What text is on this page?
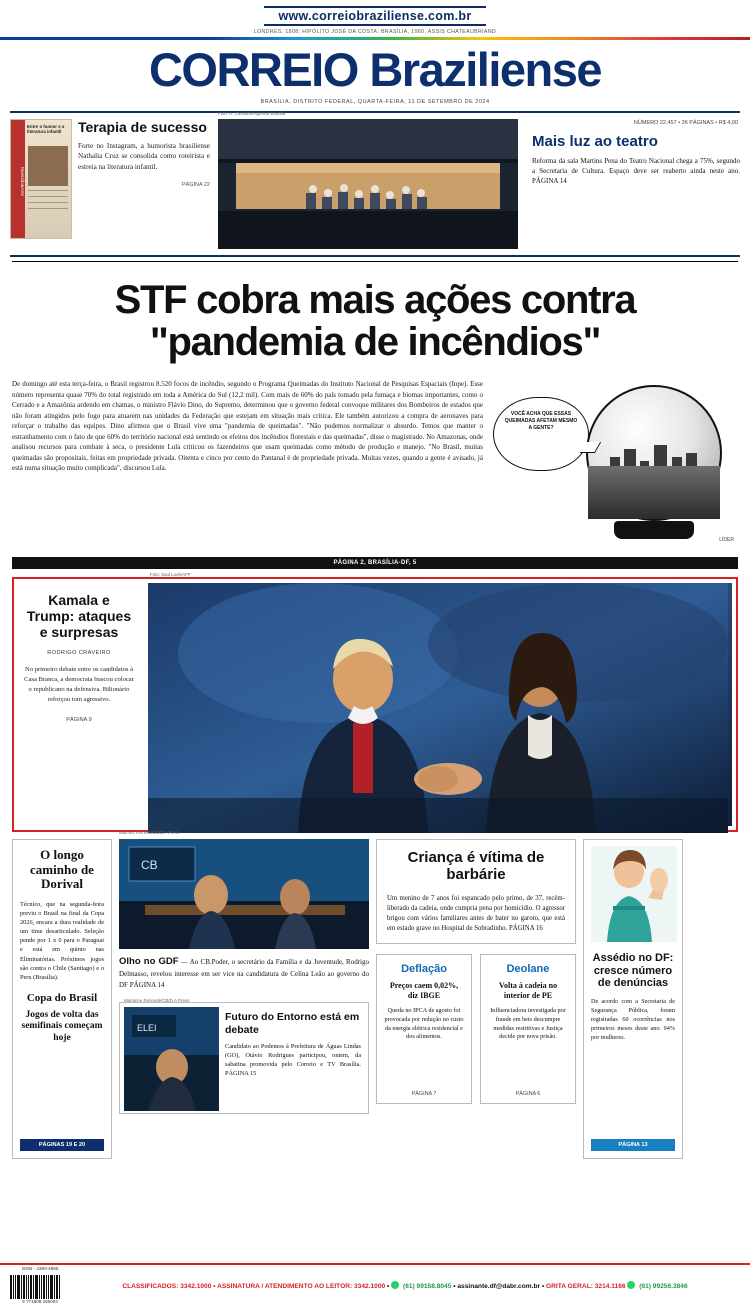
www.correiobraziliense.com.br
LONDRES, 1808; HIPÓLITO JOSÉ DA COSTA; BRASÍLIA, 1960, ASSIS CHATEAUBRIAND
CORREIO Braziliense
BRASÍLIA, DISTRITO FEDERAL, QUARTA-FEIRA, 11 DE SETEMBRO DE 2024
NÚMERO 22.457 • 36 PÁGINAS • R$ 4,00
Diversão&Arte
Entre o humor e a literatura infantil	Terapia de sucesso

Forte no Instagram, a humorista brasiliense Nathalia Cruz se consolida como roteirista e estreia na literatura infantil.

PÁGINA 22
Foto: H. Carvalho/Agência Brasília
Mais luz ao teatro

Reforma da sala Martins Pena do Teatro Nacional chega a 75%, segundo a Secretaria de Cultura. Espaço deve ser reaberto ainda neste ano. PÁGINA 14

STF cobra mais ações contra
"pandemia de incêndios"
De domingo até esta terça-feira, o Brasil registrou 8.520 focos de incêndio, segundo o Programa Queimadas do Instituto Nacional de Pesquisas Espaciais (Inpe). Esse número representa quase 70% do total registrado em toda a América do Sul (12,2 mil). Com mais de 60% do país tomado pela fumaça e biomas importantes, como o Cerrado e a Amazônia ardendo em chamas, o ministro Flávio Dino, do Supremo, determinou que o governo federal convoque militares dos Bombeiros de estados que não foram atingidos pelo fogo para atuarem nas unidades da Federação que estejam em situação mais crítica. Ele também autorizou a compra de aeronaves para reforçar o trabalho das equipes. Dino afirmou que o Brasil vive uma "pandemia de queimadas". "Não podemos normalizar o absurdo. Temos que manter o estranhamento com o fato de que 60% do território nacional está sentindo os efeitos dos incêndios florestais e das queimadas", disse o magistrado. No Amazonas, onde analisou recursos para combate à seca, o presidente Lula criticou os fazendeiros que usam queimadas como método de produção e manejo. "No Brasil, muitas queimadas são propositais, feitas em propriedade privada. Oitenta e cinco por cento do Pantanal é de propriedade privada. Muitas vezes, quando a gente é avisado, já está numa situação muito complicada", discursou Lula.
VOCÊ ACHA QUE ESSAS QUEIMADAS AFETAM MESMO A GENTE?
LÍDER
PÁGINA 2, BRASÍLIA-DF, 5
Kamala e Trump: ataques e surpresas
RODRIGO CRAVEIRO

No primeiro debate entre os candidatos à Casa Branca, a democrata buscou colocar o republicano na defensiva. Bilionário reforçou tom agressivo.

PÁGINA 9
Foto: Saul Loeb/AFP
O longo caminho de Dorival

Técnico, que na segunda-feira previu o Brasil na final da Copa 2026, encara a dura realidade de um time desarticulado. Seleção pende por 1 x 0 para o Paraguai e está em quinto nas Eliminatórias. Próximos jogos são contra o Chile (Santiago) e o Peru (Brasília).

Copa do Brasil
Jogos de volta das semifinais começam hoje
PÁGINAS 19 E 20
Marcelo Ferreira/CB/D.A Press
CB
Olho no GDF — Ao CB.Poder, o secretário da Família e da Juventude, Rodrigo Delmasso, revelou interesse em ser vice na candidatura de Celina Leão ao governo do DF PÁGINA 14
Marianne Rezende/CB/D.A Press
ELEI
Futuro do Entorno está em debate

Candidato ao Podemos à Prefeitura de Águas Lindas (GO), Otávio Rodrigues participou, ontem, da sabatina promovida pelo Correio e TV Brasília. PÁGINA 15

Criança é vítima de barbárie

Um menino de 7 anos foi espancado pelo primo, de 37, recém-liberado da cadeia, onde cumpria pena por homicídio. O agressor brigou com vários familiares antes de bater no garoto, que está em estado grave no Hospital de Sobradinho. PÁGINA 16

Deflação
Preços caem 0,02%, diz IBGE

Queda no IPCA de agosto foi provocada por redução no custo da energia elétrica residencial e dos alimentos.

PÁGINA 7
Deolane
Volta à cadeia no interior de PE

Influenciadora investigada por fraude em bets descumpre medidas restritivas e Justiça decide por nova prisão.

PÁGINA 6
Assédio no DF: cresce número de denúncias

De acordo com a Secretaria de Segurança Pública, foram registradas 60 ocorrências nos primeiros meses deste ano. 94% por mulheres.

PÁGINA 13
ISSN - 4380-4885
9 771808 266004
CLASSIFICADOS: 3342.1000 • ASSINATURA / ATENDIMENTO AO LEITOR: 3342.1000 •  (61) 99158.8045 • assinante.df@dabr.com.br • GRITA GERAL: 3214.1166 (61) 99256.3846
